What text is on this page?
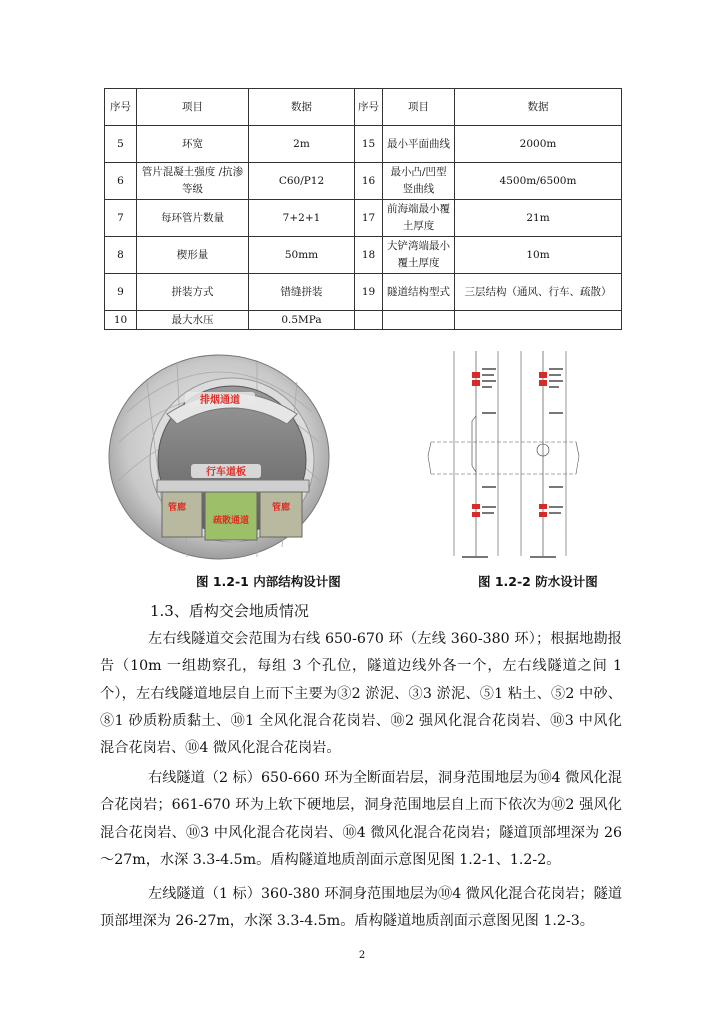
序号	项目	数据	序号	项目	数据
5	环宽	2m	15	最小平面曲线	2000m
6	管片混凝土强度 /抗渗等级	C60/P12	16	最小凸/凹型竖曲线	4500m/6500m
7	每环管片数量	7+2+1	17	前海端最小覆土厚度	21m
8	楔形量	50mm	18	大铲湾端最小覆土厚度	10m
9	拼装方式	错缝拼装	19	隧道结构型式	三层结构（通风、行车、疏散）
10	最大水压	0.5MPa			
排烟通道
行车道板
管廊
疏散通道
管廊
图 1.2-1 内部结构设计图	图 1.2-2 防水设计图
1.3、盾构交会地质情况
左右线隧道交会范围为右线 650-670 环（左线 360-380 环）；根据地勘报告（10m 一组勘察孔，每组 3 个孔位，隧道边线外各一个，左右线隧道之间 1 个），左右线隧道地层自上而下主要为③2 淤泥、③3 淤泥、⑤1 粘土、⑤2 中砂、⑧1 砂质粉质黏土、⑩1 全风化混合花岗岩、⑩2 强风化混合花岗岩、⑩3 中风化混合花岗岩、⑩4 微风化混合花岗岩。
右线隧道（2 标）650-660 环为全断面岩层，洞身范围地层为⑩4 微风化混合花岗岩；661-670 环为上软下硬地层，洞身范围地层自上而下依次为⑩2 强风化混合花岗岩、⑩3 中风化混合花岗岩、⑩4 微风化混合花岗岩；隧道顶部埋深为 26～27m，水深 3.3-4.5m。盾构隧道地质剖面示意图见图 1.2-1、1.2-2。
左线隧道（1 标）360-380 环洞身范围地层为⑩4 微风化混合花岗岩；隧道顶部埋深为 26-27m，水深 3.3-4.5m。盾构隧道地质剖面示意图见图 1.2-3。
2
